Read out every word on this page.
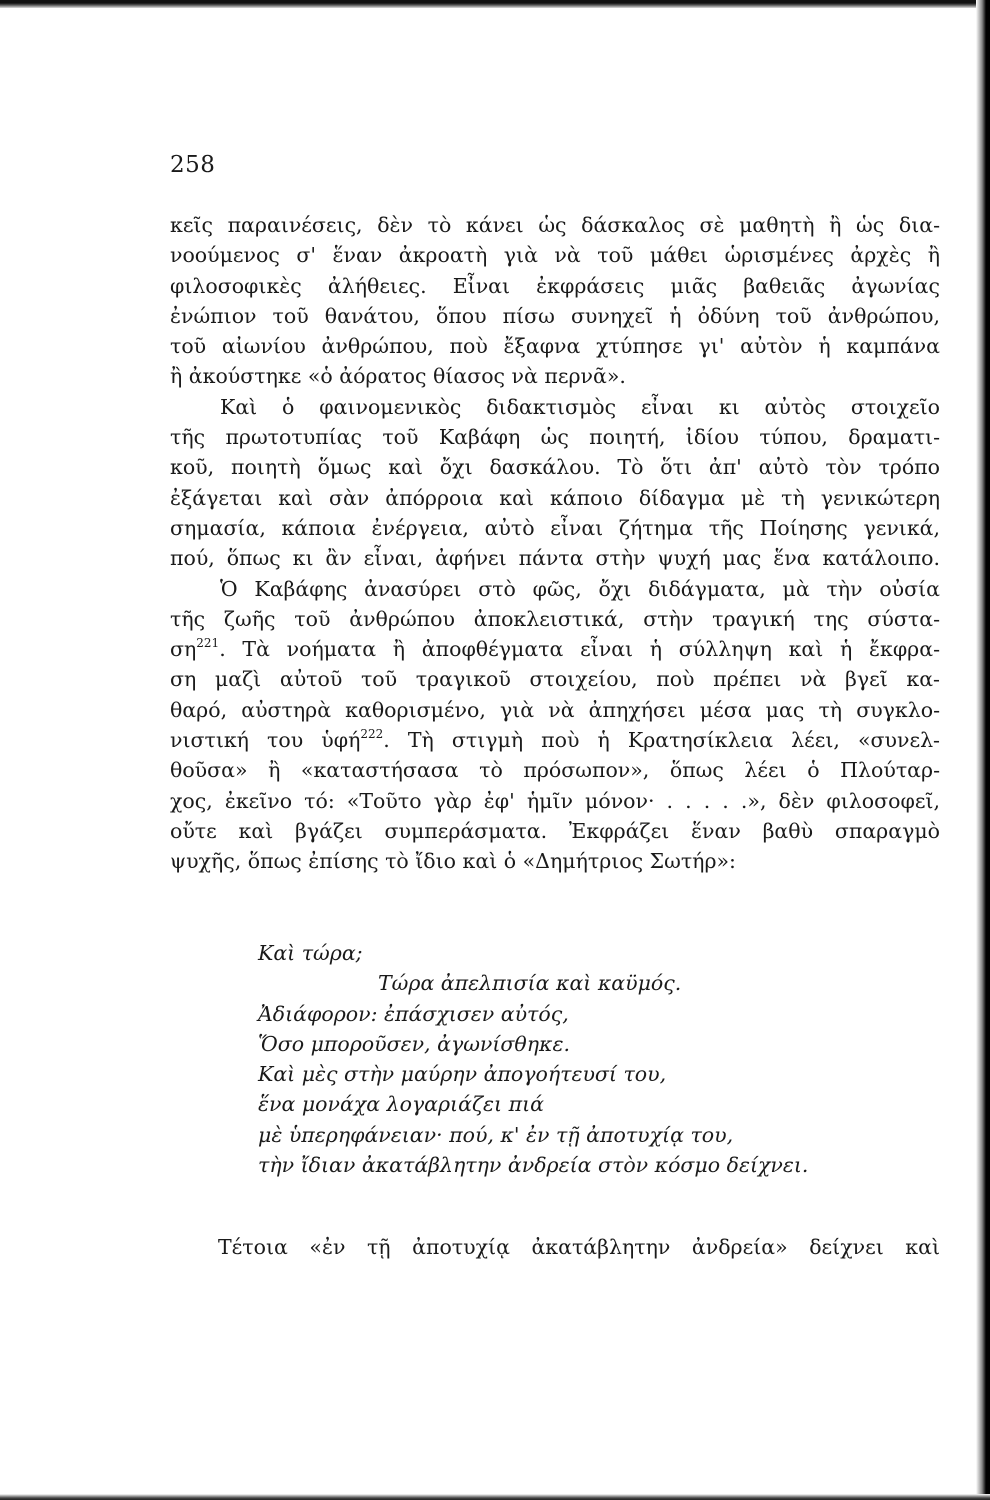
258
κεῖς παραινέσεις, δὲν τὸ κάνει ὡς δάσκαλος σὲ μαθητὴ ἢ ὡς δια-
νοούμενος σ' ἕναν ἀκροατὴ γιὰ νὰ τοῦ μάθει ὡρισμένες ἀρχὲς ἢ
φιλοσοφικὲς ἀλήθειες. Εἶναι ἐκφράσεις μιᾶς βαθειᾶς ἀγωνίας
ἐνώπιον τοῦ θανάτου, ὅπου πίσω συνηχεῖ ἡ ὀδύνη τοῦ ἀνθρώπου,
τοῦ αἰωνίου ἀνθρώπου, ποὺ ἔξαφνα χτύπησε γι' αὐτὸν ἡ καμπάνα
ἢ ἀκούστηκε «ὁ ἀόρατος θίασος νὰ περνᾶ».
Καὶ ὁ φαινομενικὸς διδακτισμὸς εἶναι κι αὐτὸς στοιχεῖο
τῆς πρωτοτυπίας τοῦ Καβάφη ὡς ποιητή, ἰδίου τύπου, δραματι-
κοῦ, ποιητὴ ὅμως καὶ ὄχι δασκάλου. Τὸ ὅτι ἀπ' αὐτὸ τὸν τρόπο
ἐξάγεται καὶ σὰν ἀπόρροια καὶ κάποιο δίδαγμα μὲ τὴ γενικώτερη
σημασία, κάποια ἐνέργεια, αὐτὸ εἶναι ζήτημα τῆς Ποίησης γενικά,
πού, ὅπως κι ἂν εἶναι, ἀφήνει πάντα στὴν ψυχή μας ἕνα κατάλοιπο.
Ὁ Καβάφης ἀνασύρει στὸ φῶς, ὄχι διδάγματα, μὰ τὴν οὐσία
τῆς ζωῆς τοῦ ἀνθρώπου ἀποκλειστικά, στὴν τραγική της σύστα-
$\sigma\eta^{221}$. Τὰ νοήματα ἢ ἀποφθέγματα εἶναι ἡ σύλληψη καὶ ἡ ἔκφρα-
ση μαζὶ αὐτοῦ τοῦ τραγικοῦ στοιχείου, ποὺ πρέπει νὰ βγεῖ κα-
θαρό, αὐστηρὰ καθορισμένο, γιὰ νὰ ἀπηχήσει μέσα μας τὴ συγκλο-
νιστική του ὑφή$^{222}$. Τὴ στιγμὴ ποὺ ἡ Κρατησίκλεια λέει, «συνελ-
θοῦσα» ἢ «καταστήσασα τὸ πρόσωπον», ὅπως λέει ὁ Πλούταρ-
χος, ἐκεῖνο τό: «Τοῦτο γὰρ ἐφ' ἡμῖν μόνον· . . . . .», δὲν φιλοσοφεῖ,
οὔτε καὶ βγάζει συμπεράσματα. Ἐκφράζει ἕναν βαθὺ σπαραγμὸ
ψυχῆς, ὅπως ἐπίσης τὸ ἴδιο καὶ ὁ «Δημήτριος Σωτήρ»:
Καὶ τώρα;
Τώρα ἀπελπισία καὶ καϋμός.
Ἀδιάφορον: ἐπάσχισεν αὐτός,
Ὅσο μποροῦσεν, ἀγωνίσθηκε.
Καὶ μὲς στὴν μαύρην ἀπογοήτευσί του,
ἕνα μονάχα λογαριάζει πιά
μὲ ὑπερηφάνειαν· πού, κ' ἐν τῇ ἀποτυχίᾳ του,
τὴν ἴδιαν ἀκατάβλητην ἀνδρεία στὸν κόσμο δείχνει.
Τέτοια «ἐν τῇ ἀποτυχίᾳ ἀκατάβλητην ἀνδρεία» δείχνει καὶ
